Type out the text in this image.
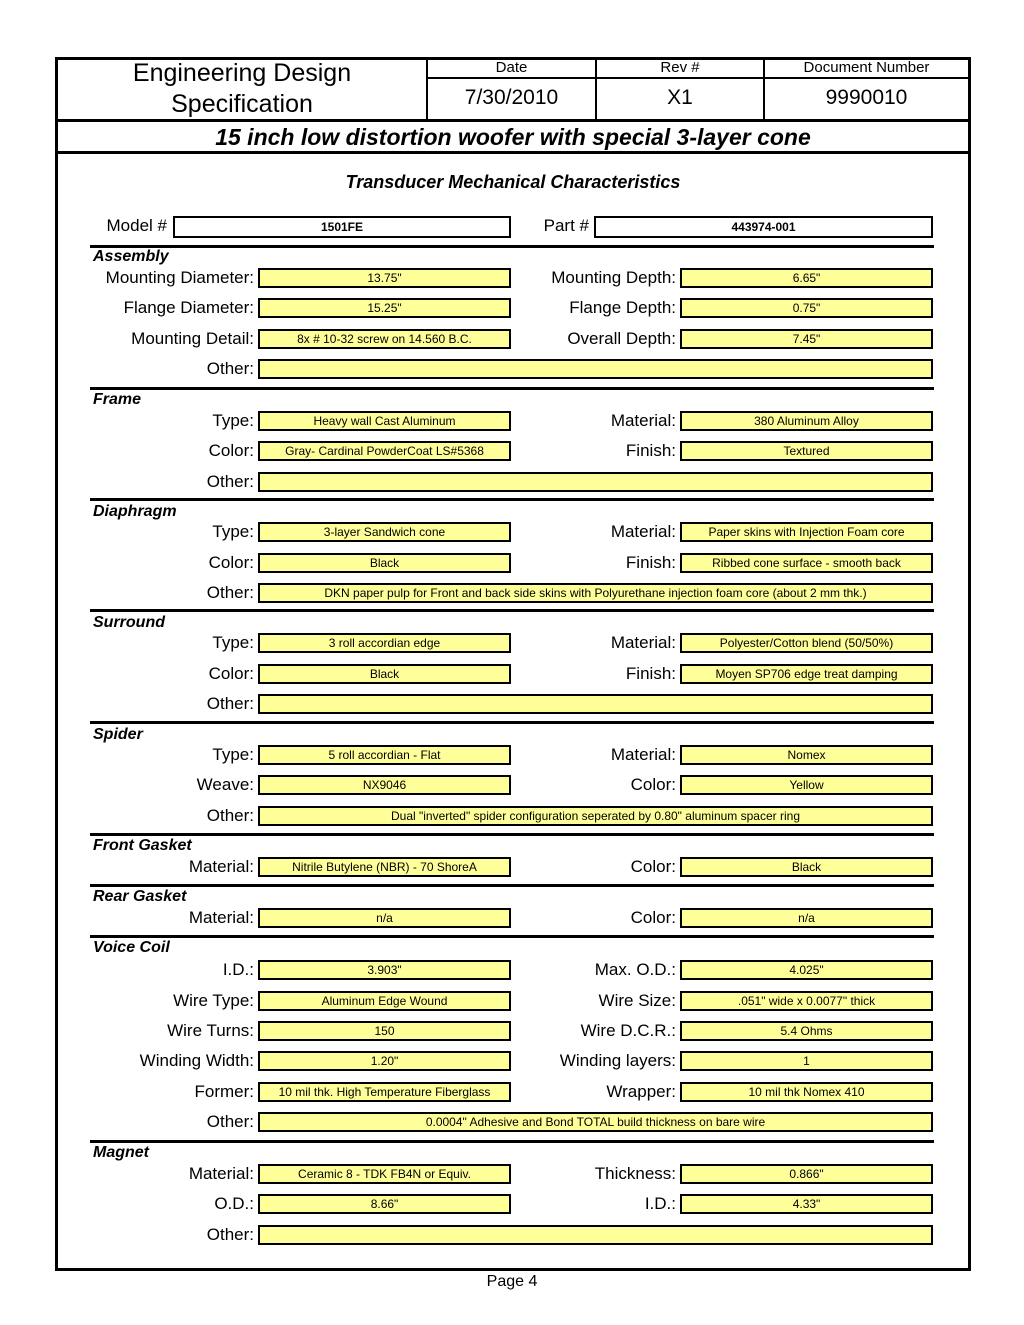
Engineering Design
Specification
Date	Rev #	Document Number
7/30/2010	X1	9990010
15 inch low distortion woofer with special 3-layer cone
Transducer Mechanical Characteristics
Model #	1501FE	Part #	443974-001
Assembly
Mounting Diameter:	13.75"	Mounting Depth:	6.65"
Flange Diameter:	15.25"	Flange Depth:	0.75"
Mounting Detail:	8x # 10-32 screw on 14.560 B.C.	Overall Depth:	7.45"
Other:
Frame
Type:	Heavy wall Cast Aluminum	Material:	380 Aluminum Alloy
Color:	Gray- Cardinal PowderCoat LS#5368	Finish:	Textured
Other:
Diaphragm
Type:	3-layer Sandwich cone	Material:	Paper skins with Injection Foam core
Color:	Black	Finish:	Ribbed cone surface - smooth back
Other:	DKN paper pulp for Front and back side skins with Polyurethane injection foam core (about 2 mm thk.)
Surround
Type:	3 roll accordian edge	Material:	Polyester/Cotton blend (50/50%)
Color:	Black	Finish:	Moyen SP706 edge treat damping
Other:
Spider
Type:	5 roll accordian - Flat	Material:	Nomex
Weave:	NX9046	Color:	Yellow
Other:	Dual "inverted" spider configuration seperated by 0.80" aluminum spacer ring
Front Gasket
Material:	Nitrile Butylene (NBR) - 70 ShoreA	Color:	Black
Rear Gasket
Material:	n/a	Color:	n/a
Voice Coil
I.D.:	3.903"	Max. O.D.:	4.025"
Wire Type:	Aluminum Edge Wound	Wire Size:	.051" wide x 0.0077" thick
Wire Turns:	150	Wire D.C.R.:	5.4 Ohms
Winding Width:	1.20"	Winding layers:	1
Former:	10 mil thk. High Temperature Fiberglass	Wrapper:	10 mil thk Nomex 410
Other:	0.0004" Adhesive and Bond TOTAL build thickness on bare wire
Magnet
Material:	Ceramic 8 - TDK FB4N or Equiv.	Thickness:	0.866"
O.D.:	8.66"	I.D.:	4.33"
Other:
Page 4
